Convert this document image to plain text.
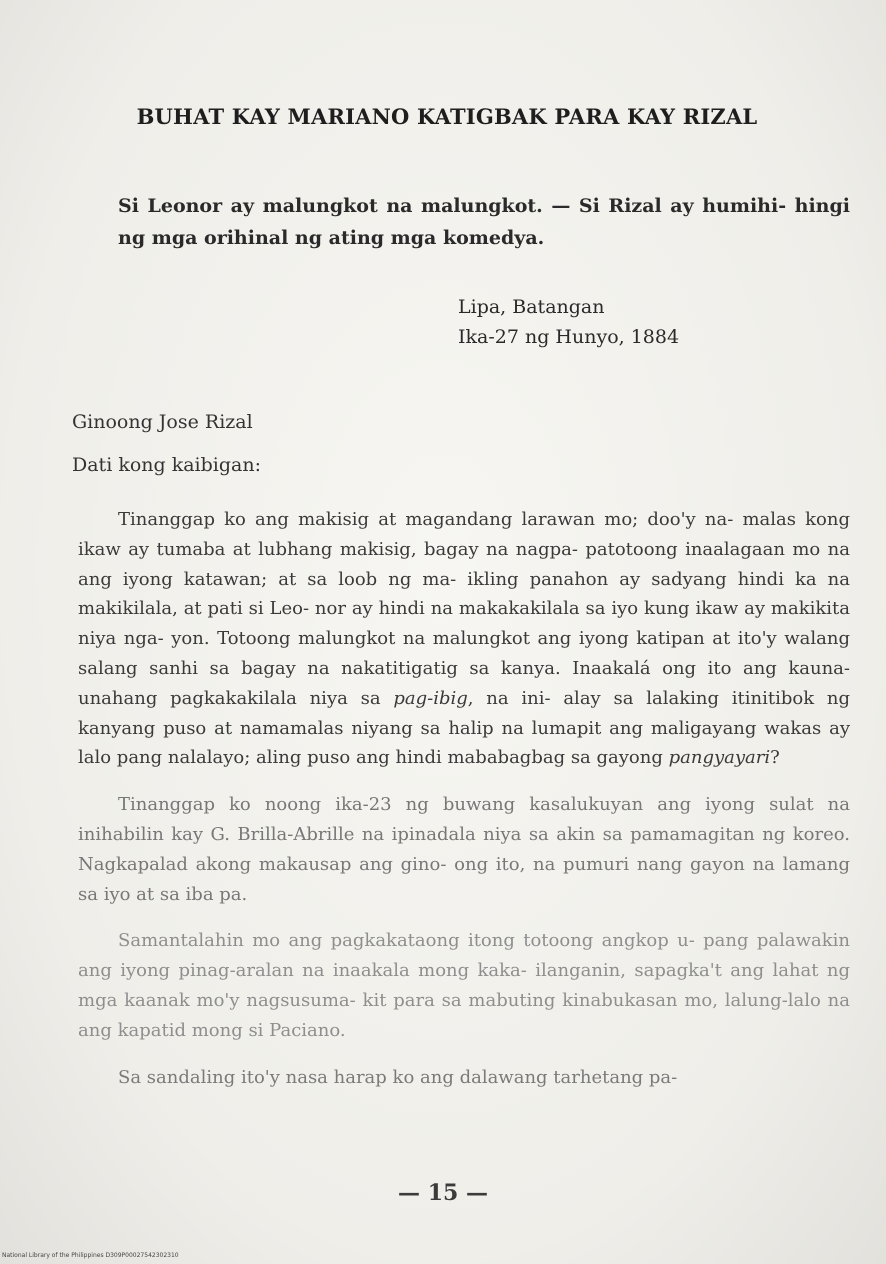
BUHAT KAY MARIANO KATIGBAK PARA KAY RIZAL
Si Leonor ay malungkot na malungkot. — Si Rizal ay humihi- hingi ng mga orihinal ng ating mga komedya.
Lipa, Batangan
Ika-27 ng Hunyo, 1884
Ginoong Jose Rizal
Dati kong kaibigan:

Tinanggap ko ang makisig at magandang larawan mo; doo'y na- malas kong ikaw ay tumaba at lubhang makisig, bagay na nagpa- patotoong inaalagaan mo na ang iyong katawan; at sa loob ng ma- ikling panahon ay sadyang hindi ka na makikilala, at pati si Leo- nor ay hindi na makakakilala sa iyo kung ikaw ay makikita niya nga- yon. Totoong malungkot na malungkot ang iyong katipan at ito'y walang salang sanhi sa bagay na nakatitigatig sa kanya. Inaakalá ong ito ang kauna-unahang pagkakakilala niya sa pag-ibig, na ini- alay sa lalaking itinitibok ng kanyang puso at namamalas niyang sa halip na lumapit ang maligayang wakas ay lalo pang nalalayo; aling puso ang hindi mababagbag sa gayong pangyayari?

Tinanggap ko noong ika-23 ng buwang kasalukuyan ang iyong sulat na inihabilin kay G. Brilla-Abrille na ipinadala niya sa akin sa pamamagitan ng koreo. Nagkapalad akong makausap ang gino- ong ito, na pumuri nang gayon na lamang sa iyo at sa iba pa.

Samantalahin mo ang pagkakataong itong totoong angkop u- pang palawakin ang iyong pinag-aralan na inaakala mong kaka- ilanganin, sapagka't ang lahat ng mga kaanak mo'y nagsusuma- kit para sa mabuting kinabukasan mo, lalung-lalo na ang kapatid mong si Paciano.

Sa sandaling ito'y nasa harap ko ang dalawang tarhetang pa-

— 15 —
National Library of the Philippines D309P00027542302310
